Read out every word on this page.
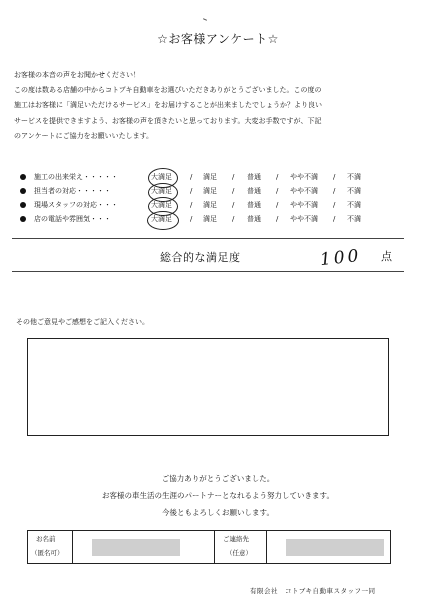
☆お客様アンケート☆
お客様の本音の声をお聞かせください！
この度は数ある店舗の中からコトブキ自動車をお選びいただきありがとうございました。この度の
施工はお客様に「満足いただけるサービス」をお届けすることが出来ましたでしょうか？より良い
サービスを提供できますよう、お客様の声を頂きたいと思っております。大変お手数ですが、下記
のアンケートにご協力をお願いいたします。
施工の出来栄え・・・・・	大満足	/ 満足 / 普通 / やや不満 / 不満
担当者の対応・・・・・	大満足	/ 満足 / 普通 / やや不満 / 不満
現場スタッフの対応・・・	大満足	/ 満足 / 普通 / やや不満 / 不満
店の電話や雰囲気・・・	大満足	/ 満足 / 普通 / やや不満 / 不満
総合的な満足度	100 点
その他ご意見やご感想をご記入ください。
ご協力ありがとうございました。
お客様の車生活の生涯のパートナーとなれるよう努力していきます。
今後ともよろしくお願いします。
お名前
（匿名可）
ご連絡先
（任意）
有限会社　コトブキ自動車スタッフ一同
